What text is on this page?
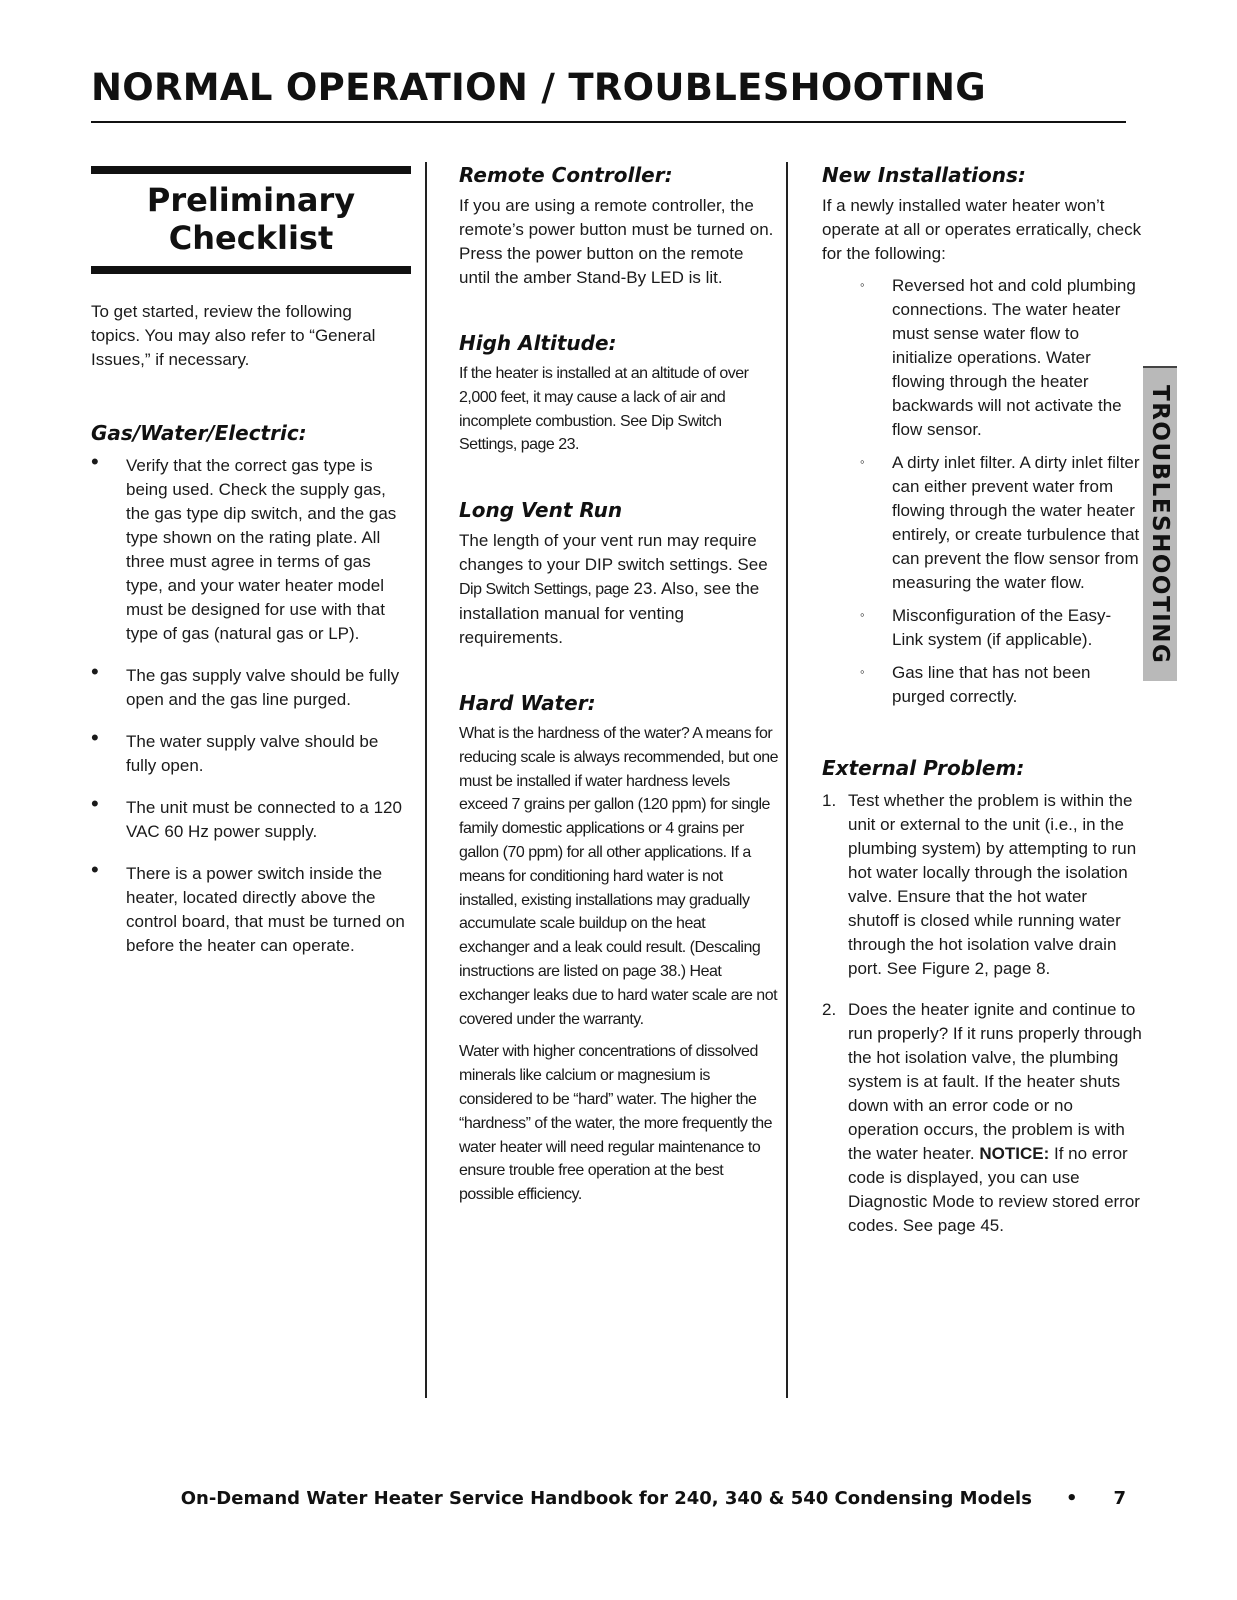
NORMAL OPERATION / TROUBLESHOOTING
Preliminary
Checklist

To get started, review the following
topics. You may also refer to “General
Issues,” if necessary.

Gas/Water/Electric:
• Verify that the correct gas type is being used. Check the supply gas, the gas type dip switch, and the gas type shown on the rating plate. All three must agree in terms of gas type, and your water heater model must be designed for use with that type of gas (natural gas or LP).
• The gas supply valve should be fully open and the gas line purged.
• The water supply valve should be fully open.
• The unit must be connected to a 120 VAC 60 Hz power supply.
• There is a power switch inside the heater, located directly above the control board, that must be turned on before the heater can operate.
Remote Controller:

If you are using a remote controller, the remote’s power button must be turned on. Press the power button on the remote until the amber Stand-By LED is lit.

High Altitude:

If the heater is installed at an altitude of over 2,000 feet, it may cause a lack of air and incomplete combustion. See Dip Switch Settings, page 23.

Long Vent Run

The length of your vent run may require changes to your DIP switch settings. See Dip Switch Settings, page 23. Also, see the installation manual for venting requirements.

Hard Water:

What is the hardness of the water? A means for reducing scale is always recommended, but one must be installed if water hardness levels exceed 7 grains per gallon (120 ppm) for single family domestic applications or 4 grains per gallon (70 ppm) for all other applications. If a means for conditioning hard water is not installed, existing installations may gradually accumulate scale buildup on the heat exchanger and a leak could result. (Descaling instructions are listed on page 38.) Heat exchanger leaks due to hard water scale are not covered under the warranty.

Water with higher concentrations of dissolved minerals like calcium or magnesium is considered to be “hard” water. The higher the “hardness” of the water, the more frequently the water heater will need regular maintenance to ensure trouble free operation at the best possible efficiency.

New Installations:

If a newly installed water heater won’t operate at all or operates erratically, check for the following:

◦ Reversed hot and cold plumbing connections. The water heater must sense water flow to initialize operations. Water flowing through the heater backwards will not activate the flow sensor.
◦ A dirty inlet filter. A dirty inlet filter can either prevent water from flowing through the water heater entirely, or create turbulence that can prevent the flow sensor from measuring the water flow.
◦ Misconfiguration of the Easy-Link system (if applicable).
◦ Gas line that has not been purged correctly.
External Problem:
1. Test whether the problem is within the unit or external to the unit (i.e., in the plumbing system) by attempting to run hot water locally through the isolation valve. Ensure that the hot water shutoff is closed while running water through the hot isolation valve drain port. See Figure 2, page 8.
2. Does the heater ignite and continue to run properly? If it runs properly through the hot isolation valve, the plumbing system is at fault. If the heater shuts down with an error code or no operation occurs, the problem is with the water heater. NOTICE: If no error code is displayed, you can use Diagnostic Mode to review stored error codes. See page 45.
TROUBLESHOOTING
On-Demand Water Heater Service Handbook for 240, 340 & 540 Condensing Models • 7
